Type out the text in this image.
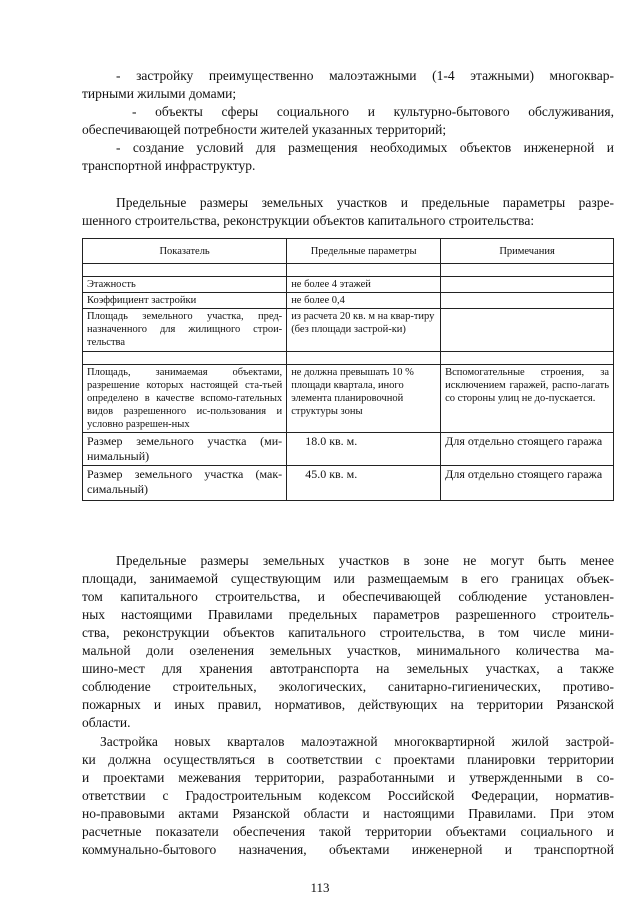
- застройку преимущественно малоэтажными (1-4 этажными) многоквар-

тирными жилыми домами;

- объекты сферы социального и культурно-бытового обслуживания,

обеспечивающей потребности жителей указанных территорий;

- создание условий для размещения необходимых объектов инженерной и

транспортной инфраструктур.

Предельные размеры земельных участков и предельные параметры разре-

шенного строительства, реконструкции объектов капитального строительства:

Показатель	Предельные параметры	Примечания

Этажность	не более 4 этажей	
Коэффициент застройки	не более 0,4	
Площадь земельного участка, пред-назначенного для жилищного строи-тельства	из расчета 20 кв. м на квар-тиру (без площади застрой-ки)	

Площадь, занимаемая объектами, разрешение которых настоящей ста-тьей определено в качестве вспомо-гательных видов разрешенного ис-пользования и условно разрешен-ных	не должна превышать 10 % площади квартала, иного элемента планировочной структуры зоны	Вспомогательные строения, за исключением гаражей, распо-лагать со стороны улиц не до-пускается.
Размер земельного участка (ми-нимальный)	18.0 кв. м.	Для отдельно стоящего гаража
Размер земельного участка (мак-симальный)	45.0 кв. м.	Для отдельно стоящего гаража

Предельные размеры земельных участков в зоне не могут быть менее

площади, занимаемой существующим или размещаемым в его границах объек-

том капитального строительства, и обеспечивающей соблюдение установлен-

ных настоящими Правилами предельных параметров разрешенного строитель-

ства, реконструкции объектов капитального строительства, в том числе мини-

мальной доли озеленения земельных участков, минимального количества ма-

шино-мест для хранения автотранспорта на земельных участках, а также

соблюдение строительных, экологических, санитарно-гигиенических, противо-

пожарных и иных правил, нормативов, действующих на территории Рязанской

области.

Застройка новых кварталов малоэтажной многоквартирной жилой застрой-

ки должна осуществляться в соответствии с проектами планировки территории

и проектами межевания территории, разработанными и утвержденными в со-

ответствии с Градостроительным кодексом Российской Федерации, норматив-

но-правовыми актами Рязанской области и настоящими Правилами. При этом

расчетные показатели обеспечения такой территории объектами социального и

коммунально-бытового назначения, объектами инженерной и транспортной

113
